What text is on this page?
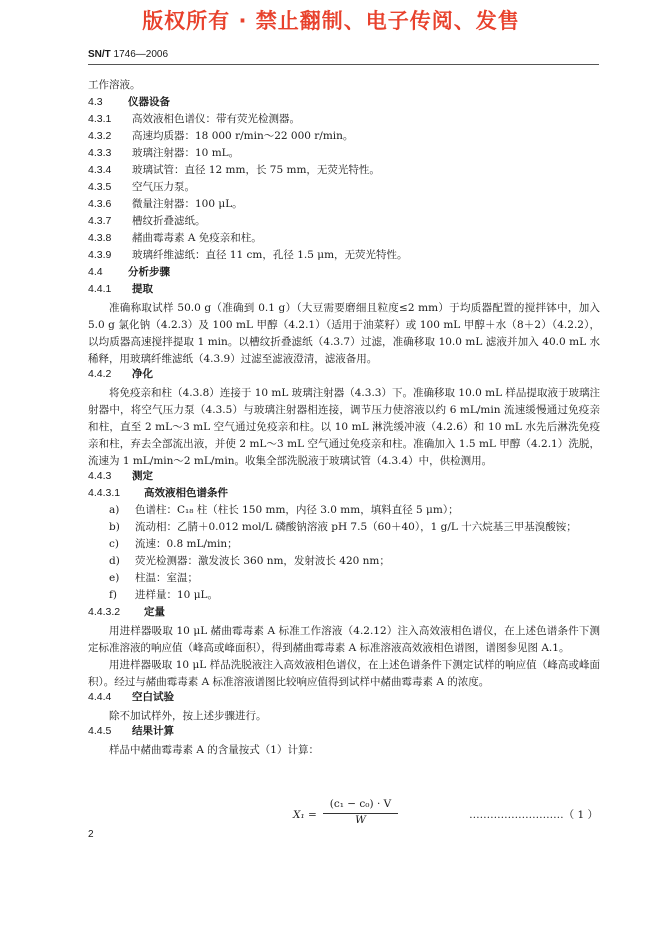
版权所有 · 禁止翻制、电子传阅、发售
SN/T 1746—2006
工作溶液。
4.3	仪器设备
4.3.1	高效液相色谱仪：带有荧光检测器。
4.3.2	高速均质器：18 000 r/min～22 000 r/min。
4.3.3	玻璃注射器：10 mL。
4.3.4	玻璃试管：直径 12 mm，长 75 mm，无荧光特性。
4.3.5	空气压力泵。
4.3.6	微量注射器：100 μL。
4.3.7	槽纹折叠滤纸。
4.3.8	赭曲霉毒素 A 免疫亲和柱。
4.3.9	玻璃纤维滤纸：直径 11 cm，孔径 1.5 μm，无荧光特性。
4.4	分析步骤
4.4.1	提取

准确称取试样 50.0 g（准确到 0.1 g）（大豆需要磨细且粒度≤2 mm）于均质器配置的搅拌钵中，加入 5.0 g 氯化钠（4.2.3）及 100 mL 甲醇（4.2.1）（适用于油菜籽）或 100 mL 甲醇＋水（8＋2）（4.2.2），以均质器高速搅拌提取 1 min。以槽纹折叠滤纸（4.3.7）过滤，准确移取 10.0 mL 滤液并加入 40.0 mL 水稀释，用玻璃纤维滤纸（4.3.9）过滤至滤液澄清，滤液备用。

4.4.2	净化

将免疫亲和柱（4.3.8）连接于 10 mL 玻璃注射器（4.3.3）下。准确移取 10.0 mL 样品提取液于玻璃注射器中，将空气压力泵（4.3.5）与玻璃注射器相连接，调节压力使溶液以约 6 mL/min 流速缓慢通过免疫亲和柱，直至 2 mL～3 mL 空气通过免疫亲和柱。以 10 mL 淋洗缓冲液（4.2.6）和 10 mL 水先后淋洗免疫亲和柱，弃去全部流出液，并使 2 mL～3 mL 空气通过免疫亲和柱。准确加入 1.5 mL 甲醇（4.2.1）洗脱，流速为 1 mL/min～2 mL/min。收集全部洗脱液于玻璃试管（4.3.4）中，供检测用。

4.4.3	测定
4.4.3.1	高效液相色谱条件
a)	色谱柱：C₁₈ 柱（柱长 150 mm，内径 3.0 mm，填料直径 5 μm）；
b)	流动相：乙腈＋0.012 mol/L 磷酸钠溶液 pH 7.5（60＋40），1 g/L 十六烷基三甲基溴酸铵；
c)	流速：0.8 mL/min；
d)	荧光检测器：激发波长 360 nm，发射波长 420 nm；
e)	柱温：室温；
f)	进样量：10 μL。
4.4.3.2	定量

用进样器吸取 10 μL 赭曲霉毒素 A 标准工作溶液（4.2.12）注入高效液相色谱仪，在上述色谱条件下测定标准溶液的响应值（峰高或峰面积），得到赭曲霉毒素 A 标准溶液高效液相色谱图，谱图参见图 A.1。

用进样器吸取 10 μL 样品洗脱液注入高效液相色谱仪，在上述色谱条件下测定试样的响应值（峰高或峰面积）。经过与赭曲霉毒素 A 标准溶液谱图比较响应值得到试样中赭曲霉毒素 A 的浓度。

4.4.4	空白试验

除不加试样外，按上述步骤进行。

4.4.5	结果计算

样品中赭曲霉毒素 A 的含量按式（1）计算：

$X_1 = \frac{\text{(c₁ − c₀) · V}}{W}$	………………………（ 1 ）
2
